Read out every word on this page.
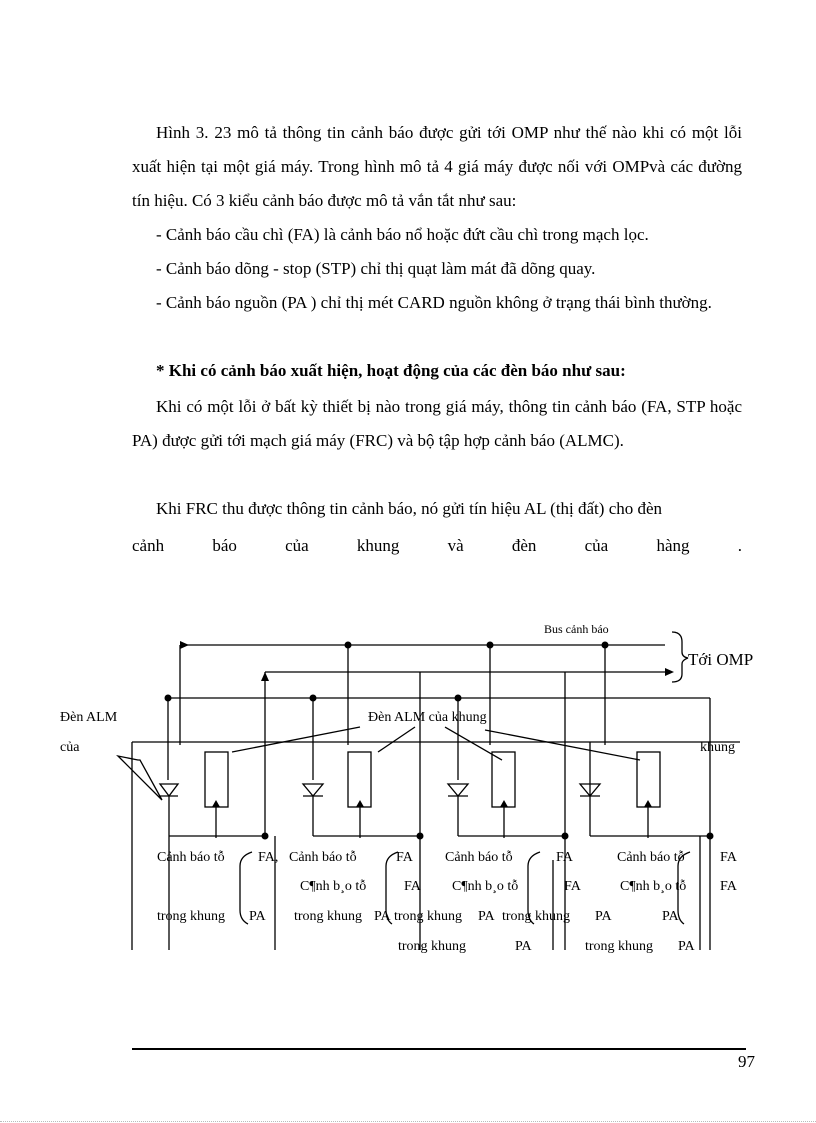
Hình 3. 23 mô tả thông tin cảnh báo được gửi tới OMP như thế nào khi có một lỗi xuất hiện tại một giá máy. Trong hình mô tả 4 giá máy được nối với OMPvà các đường tín hiệu. Có 3 kiểu cảnh báo được mô tả vắn tắt như sau:
- Cảnh báo cầu chì (FA) là cảnh báo nổ hoặc đứt cầu chì trong mạch lọc.
- Cảnh báo dõng - stop (STP) chỉ thị quạt làm mát đã dõng quay.
- Cảnh báo nguồn (PA ) chỉ thị mét CARD nguồn không ở trạng thái bình thường.
* Khi có cảnh báo xuất hiện, hoạt động của các đèn báo như sau:
Khi có một lỗi ở bất kỳ thiết bị nào trong giá máy, thông tin cảnh báo (FA, STP hoặc PA) được gửi tới mạch giá máy (FRC) và bộ tập hợp cảnh báo (ALMC).
Khi FRC thu được thông tin cảnh báo, nó gửi tín hiệu AL (thị đất) cho đèn
cảnh	báo	của	khung	và	đèn	của	hàng	.
Bus cảnh báo
Tới OMP
Đèn ALM
của
Đèn ALM của khung
khung
Cảnh báo tỗ FA, Cảnh báo tỗ	FA Cảnh báo tỗ	FA	Cảnh báo tỗ	FA
C¶nh b¸o tỗ	FA C¶nh b¸o tỗ	FA	C¶nh b¸o tỗ FA
trong khung PA trong khung PA trong khung PA trong khung PA	PA
trong khung	PA	trong khung PA
97
